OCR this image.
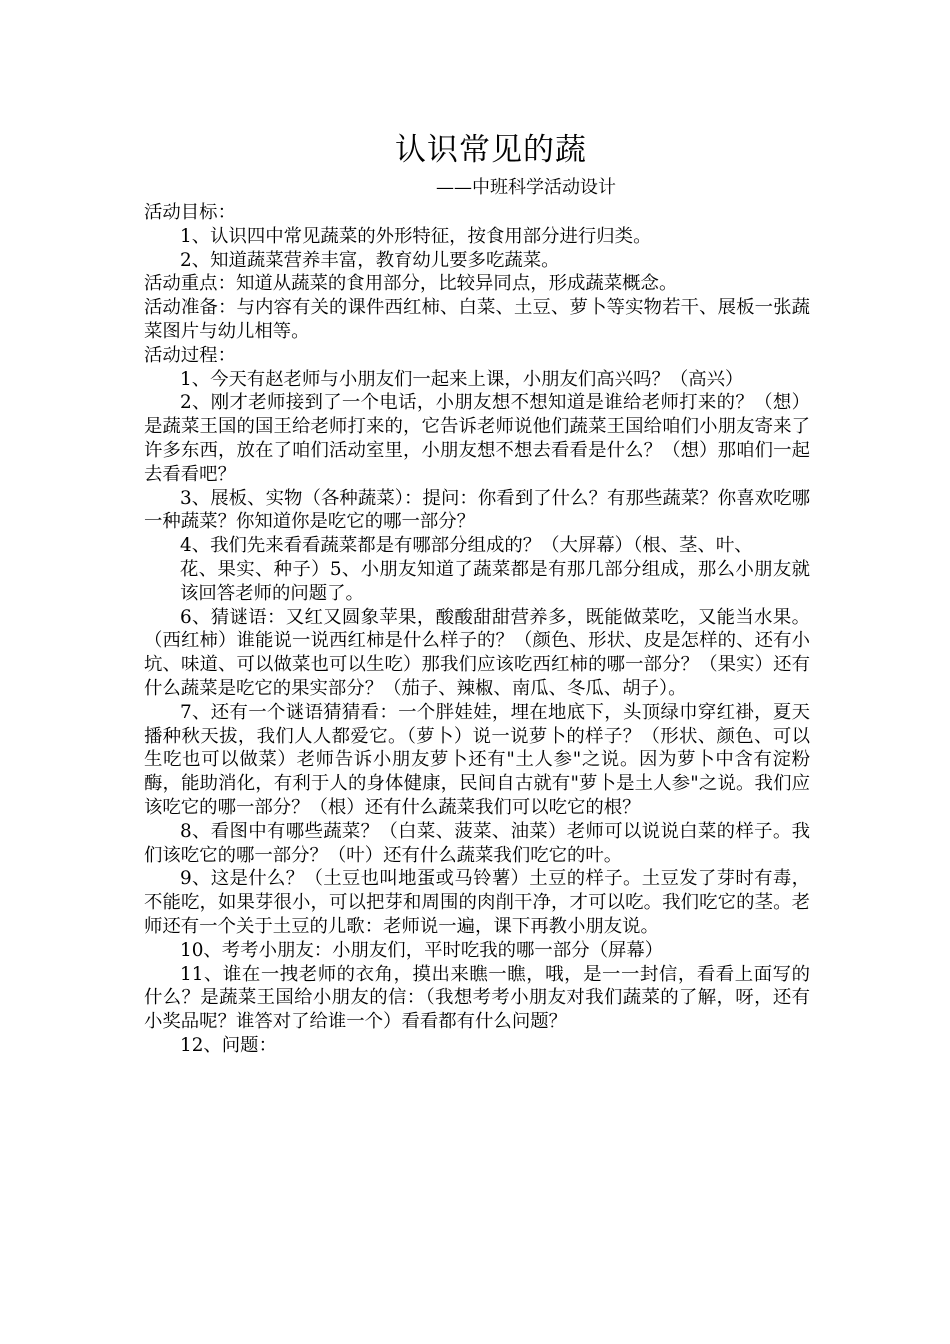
认识常见的蔬
——中班科学活动设计

活动目标：

1、认识四中常见蔬菜的外形特征，按食用部分进行归类。

2、知道蔬菜营养丰富，教育幼儿要多吃蔬菜。

活动重点：知道从蔬菜的食用部分，比较异同点，形成蔬菜概念。

活动准备：与内容有关的课件西红柿、白菜、土豆、萝卜等实物若干、展板一张蔬菜图片与幼儿相等。

活动过程：

1、今天有赵老师与小朋友们一起来上课，小朋友们高兴吗？（高兴）

2、刚才老师接到了一个电话，小朋友想不想知道是谁给老师打来的？（想）是蔬菜王国的国王给老师打来的，它告诉老师说他们蔬菜王国给咱们小朋友寄来了许多东西，放在了咱们活动室里，小朋友想不想去看看是什么？（想）那咱们一起去看看吧？

3、展板、实物（各种蔬菜）：提问：你看到了什么？有那些蔬菜？你喜欢吃哪一种蔬菜？你知道你是吃它的哪一部分？

4、我们先来看看蔬菜都是有哪部分组成的？（大屏幕）（根、茎、叶、

花、果实、种子）5、小朋友知道了蔬菜都是有那几部分组成，那么小朋友就该回答老师的问题了。

6、猜谜语：又红又圆象苹果，酸酸甜甜营养多，既能做菜吃，又能当水果。（西红柿）谁能说一说西红柿是什么样子的？（颜色、形状、皮是怎样的、还有小坑、味道、可以做菜也可以生吃）那我们应该吃西红柿的哪一部分？（果实）还有什么蔬菜是吃它的果实部分？（茄子、辣椒、南瓜、冬瓜、胡子）。

7、还有一个谜语猜猜看：一个胖娃娃，埋在地底下，头顶绿巾穿红褂，夏天播种秋天拔，我们人人都爱它。（萝卜）说一说萝卜的样子？（形状、颜色、可以生吃也可以做菜）老师告诉小朋友萝卜还有"土人参"之说。因为萝卜中含有淀粉酶，能助消化，有利于人的身体健康，民间自古就有"萝卜是土人参"之说。我们应该吃它的哪一部分？（根）还有什么蔬菜我们可以吃它的根？

8、看图中有哪些蔬菜？（白菜、菠菜、油菜）老师可以说说白菜的样子。我们该吃它的哪一部分？（叶）还有什么蔬菜我们吃它的叶。

9、这是什么？（土豆也叫地蛋或马铃薯）土豆的样子。土豆发了芽时有毒，不能吃，如果芽很小，可以把芽和周围的肉削干净，才可以吃。我们吃它的茎。老师还有一个关于土豆的儿歌：老师说一遍，课下再教小朋友说。

10、考考小朋友：小朋友们，平时吃我的哪一部分（屏幕）

11、谁在一拽老师的衣角，摸出来瞧一瞧，哦，是一一封信，看看上面写的什么？是蔬菜王国给小朋友的信：（我想考考小朋友对我们蔬菜的了解，呀，还有小奖品呢？谁答对了给谁一个）看看都有什么问题？

12、问题：
